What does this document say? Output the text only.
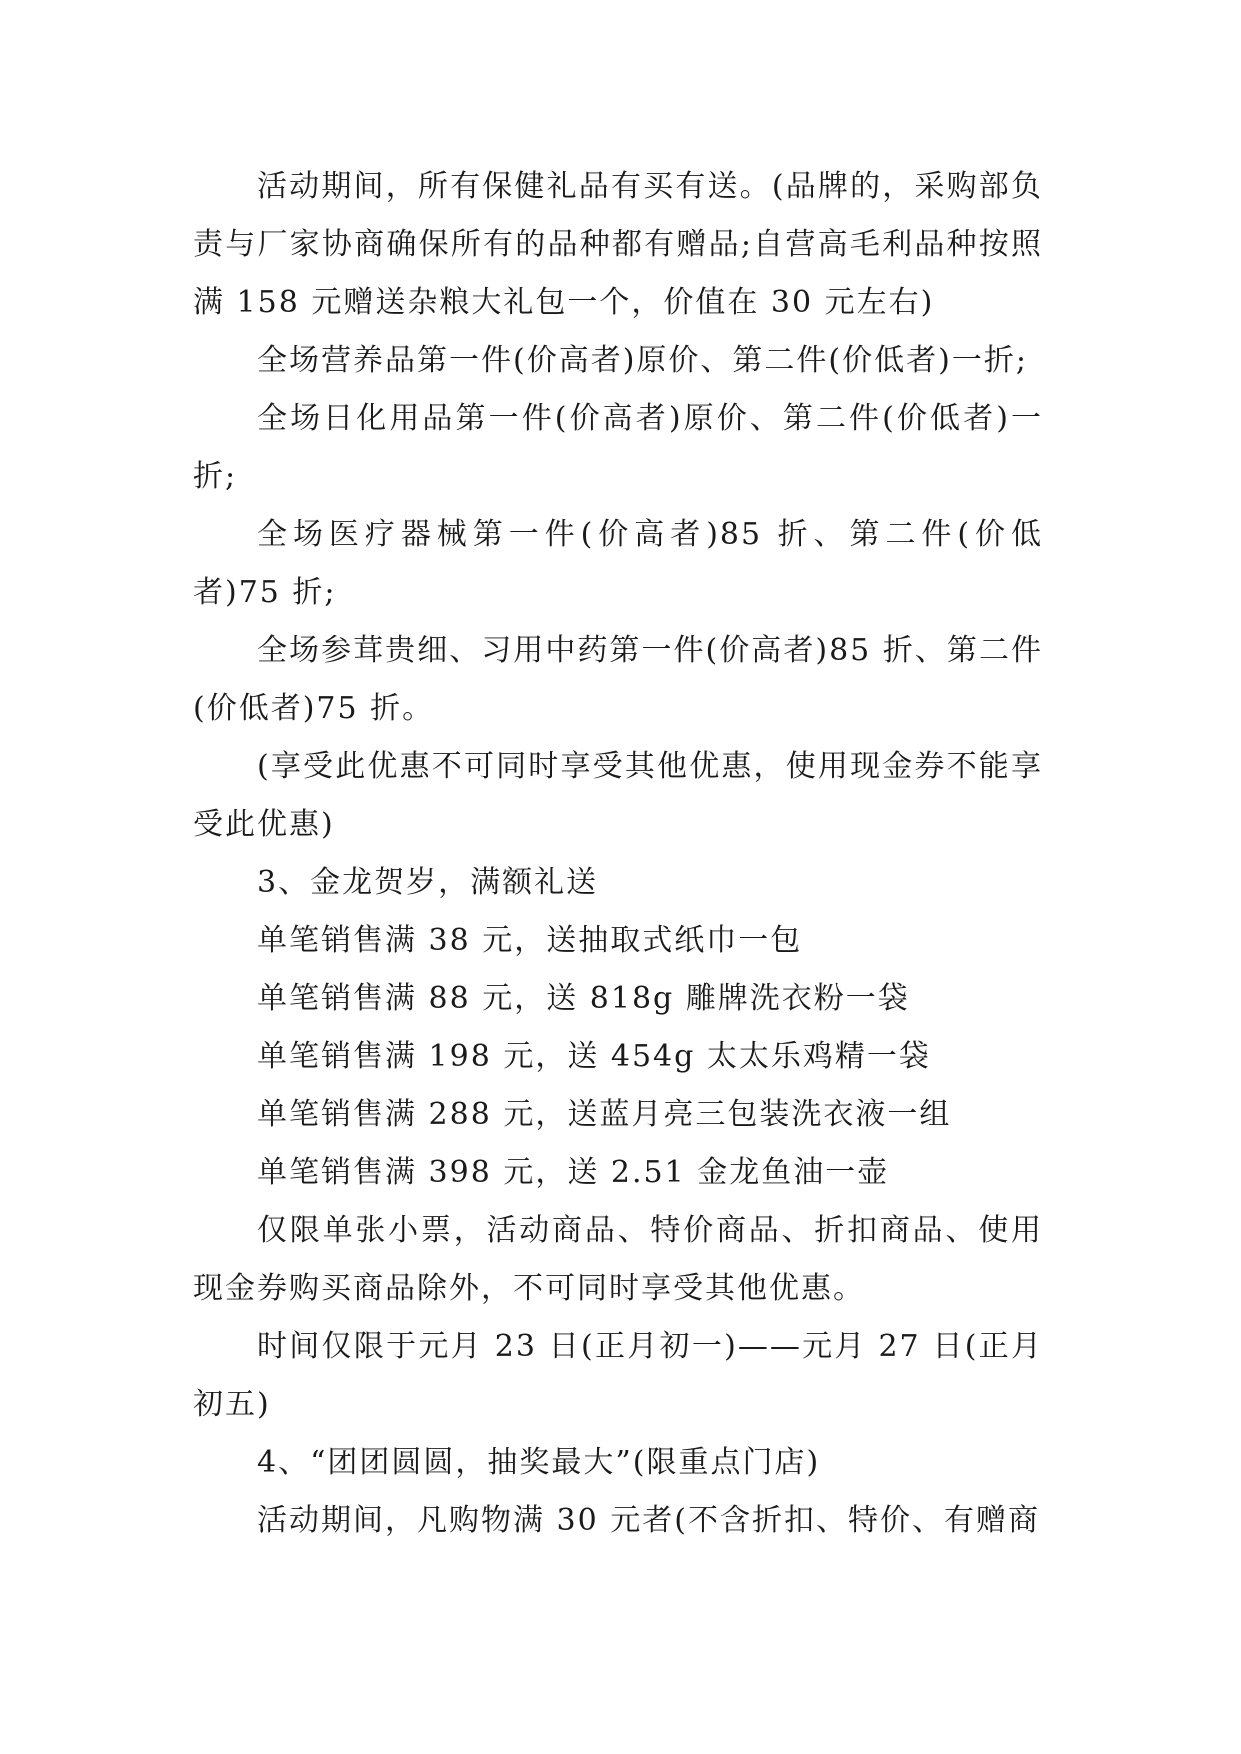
活动期间，所有保健礼品有买有送。(品牌的，采购部负责与厂家协商确保所有的品种都有赠品;自营高毛利品种按照满 158 元赠送杂粮大礼包一个，价值在 30 元左右)

全场营养品第一件(价高者)原价、第二件(价低者)一折;

全场日化用品第一件(价高者)原价、第二件(价低者)一折;

全场医疗器械第一件(价高者)85 折、第二件(价低者)75 折;

全场参茸贵细、习用中药第一件(价高者)85 折、第二件(价低者)75 折。

(享受此优惠不可同时享受其他优惠，使用现金券不能享受此优惠)

3、金龙贺岁，满额礼送

单笔销售满 38 元，送抽取式纸巾一包

单笔销售满 88 元，送 818g 雕牌洗衣粉一袋

单笔销售满 198 元，送 454g 太太乐鸡精一袋

单笔销售满 288 元，送蓝月亮三包装洗衣液一组

单笔销售满 398 元，送 2.51 金龙鱼油一壶

仅限单张小票，活动商品、特价商品、折扣商品、使用现金券购买商品除外，不可同时享受其他优惠。

时间仅限于元月 23 日(正月初一)——元月 27 日(正月初五)

4、“团团圆圆，抽奖最大”(限重点门店)

活动期间，凡购物满 30 元者(不含折扣、特价、有赠商
